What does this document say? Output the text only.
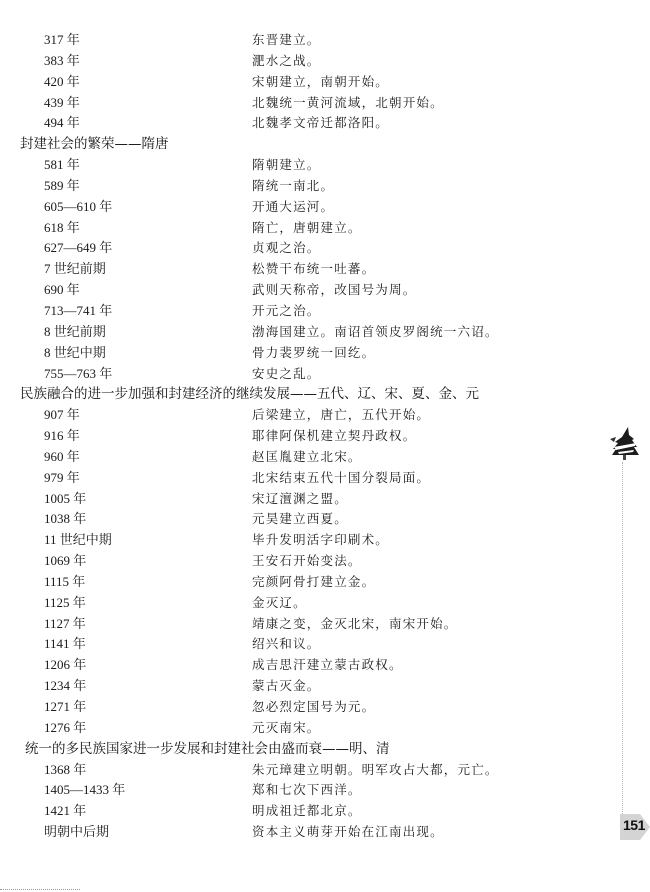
317 年	东晋建立。
383 年	淝水之战。
420 年	宋朝建立，南朝开始。
439 年	北魏统一黄河流域，北朝开始。
494 年	北魏孝文帝迁都洛阳。
封建社会的繁荣——隋唐
581 年	隋朝建立。
589 年	隋统一南北。
605—610 年	开通大运河。
618 年	隋亡，唐朝建立。
627—649 年	贞观之治。
7 世纪前期	松赞干布统一吐蕃。
690 年	武则天称帝，改国号为周。
713—741 年	开元之治。
8 世纪前期	渤海国建立。南诏首领皮罗阁统一六诏。
8 世纪中期	骨力裴罗统一回纥。
755—763 年	安史之乱。
民族融合的进一步加强和封建经济的继续发展——五代、辽、宋、夏、金、元
907 年	后梁建立，唐亡，五代开始。
916 年	耶律阿保机建立契丹政权。
960 年	赵匡胤建立北宋。
979 年	北宋结束五代十国分裂局面。
1005 年	宋辽澶渊之盟。
1038 年	元昊建立西夏。
11 世纪中期	毕升发明活字印刷术。
1069 年	王安石开始变法。
1115 年	完颜阿骨打建立金。
1125 年	金灭辽。
1127 年	靖康之变，金灭北宋，南宋开始。
1141 年	绍兴和议。
1206 年	成吉思汗建立蒙古政权。
1234 年	蒙古灭金。
1271 年	忽必烈定国号为元。
1276 年	元灭南宋。
统一的多民族国家进一步发展和封建社会由盛而衰——明、清
1368 年	朱元璋建立明朝。明军攻占大都，元亡。
1405—1433 年	郑和七次下西洋。
1421 年	明成祖迁都北京。
明朝中后期	资本主义萌芽开始在江南出现。	151
